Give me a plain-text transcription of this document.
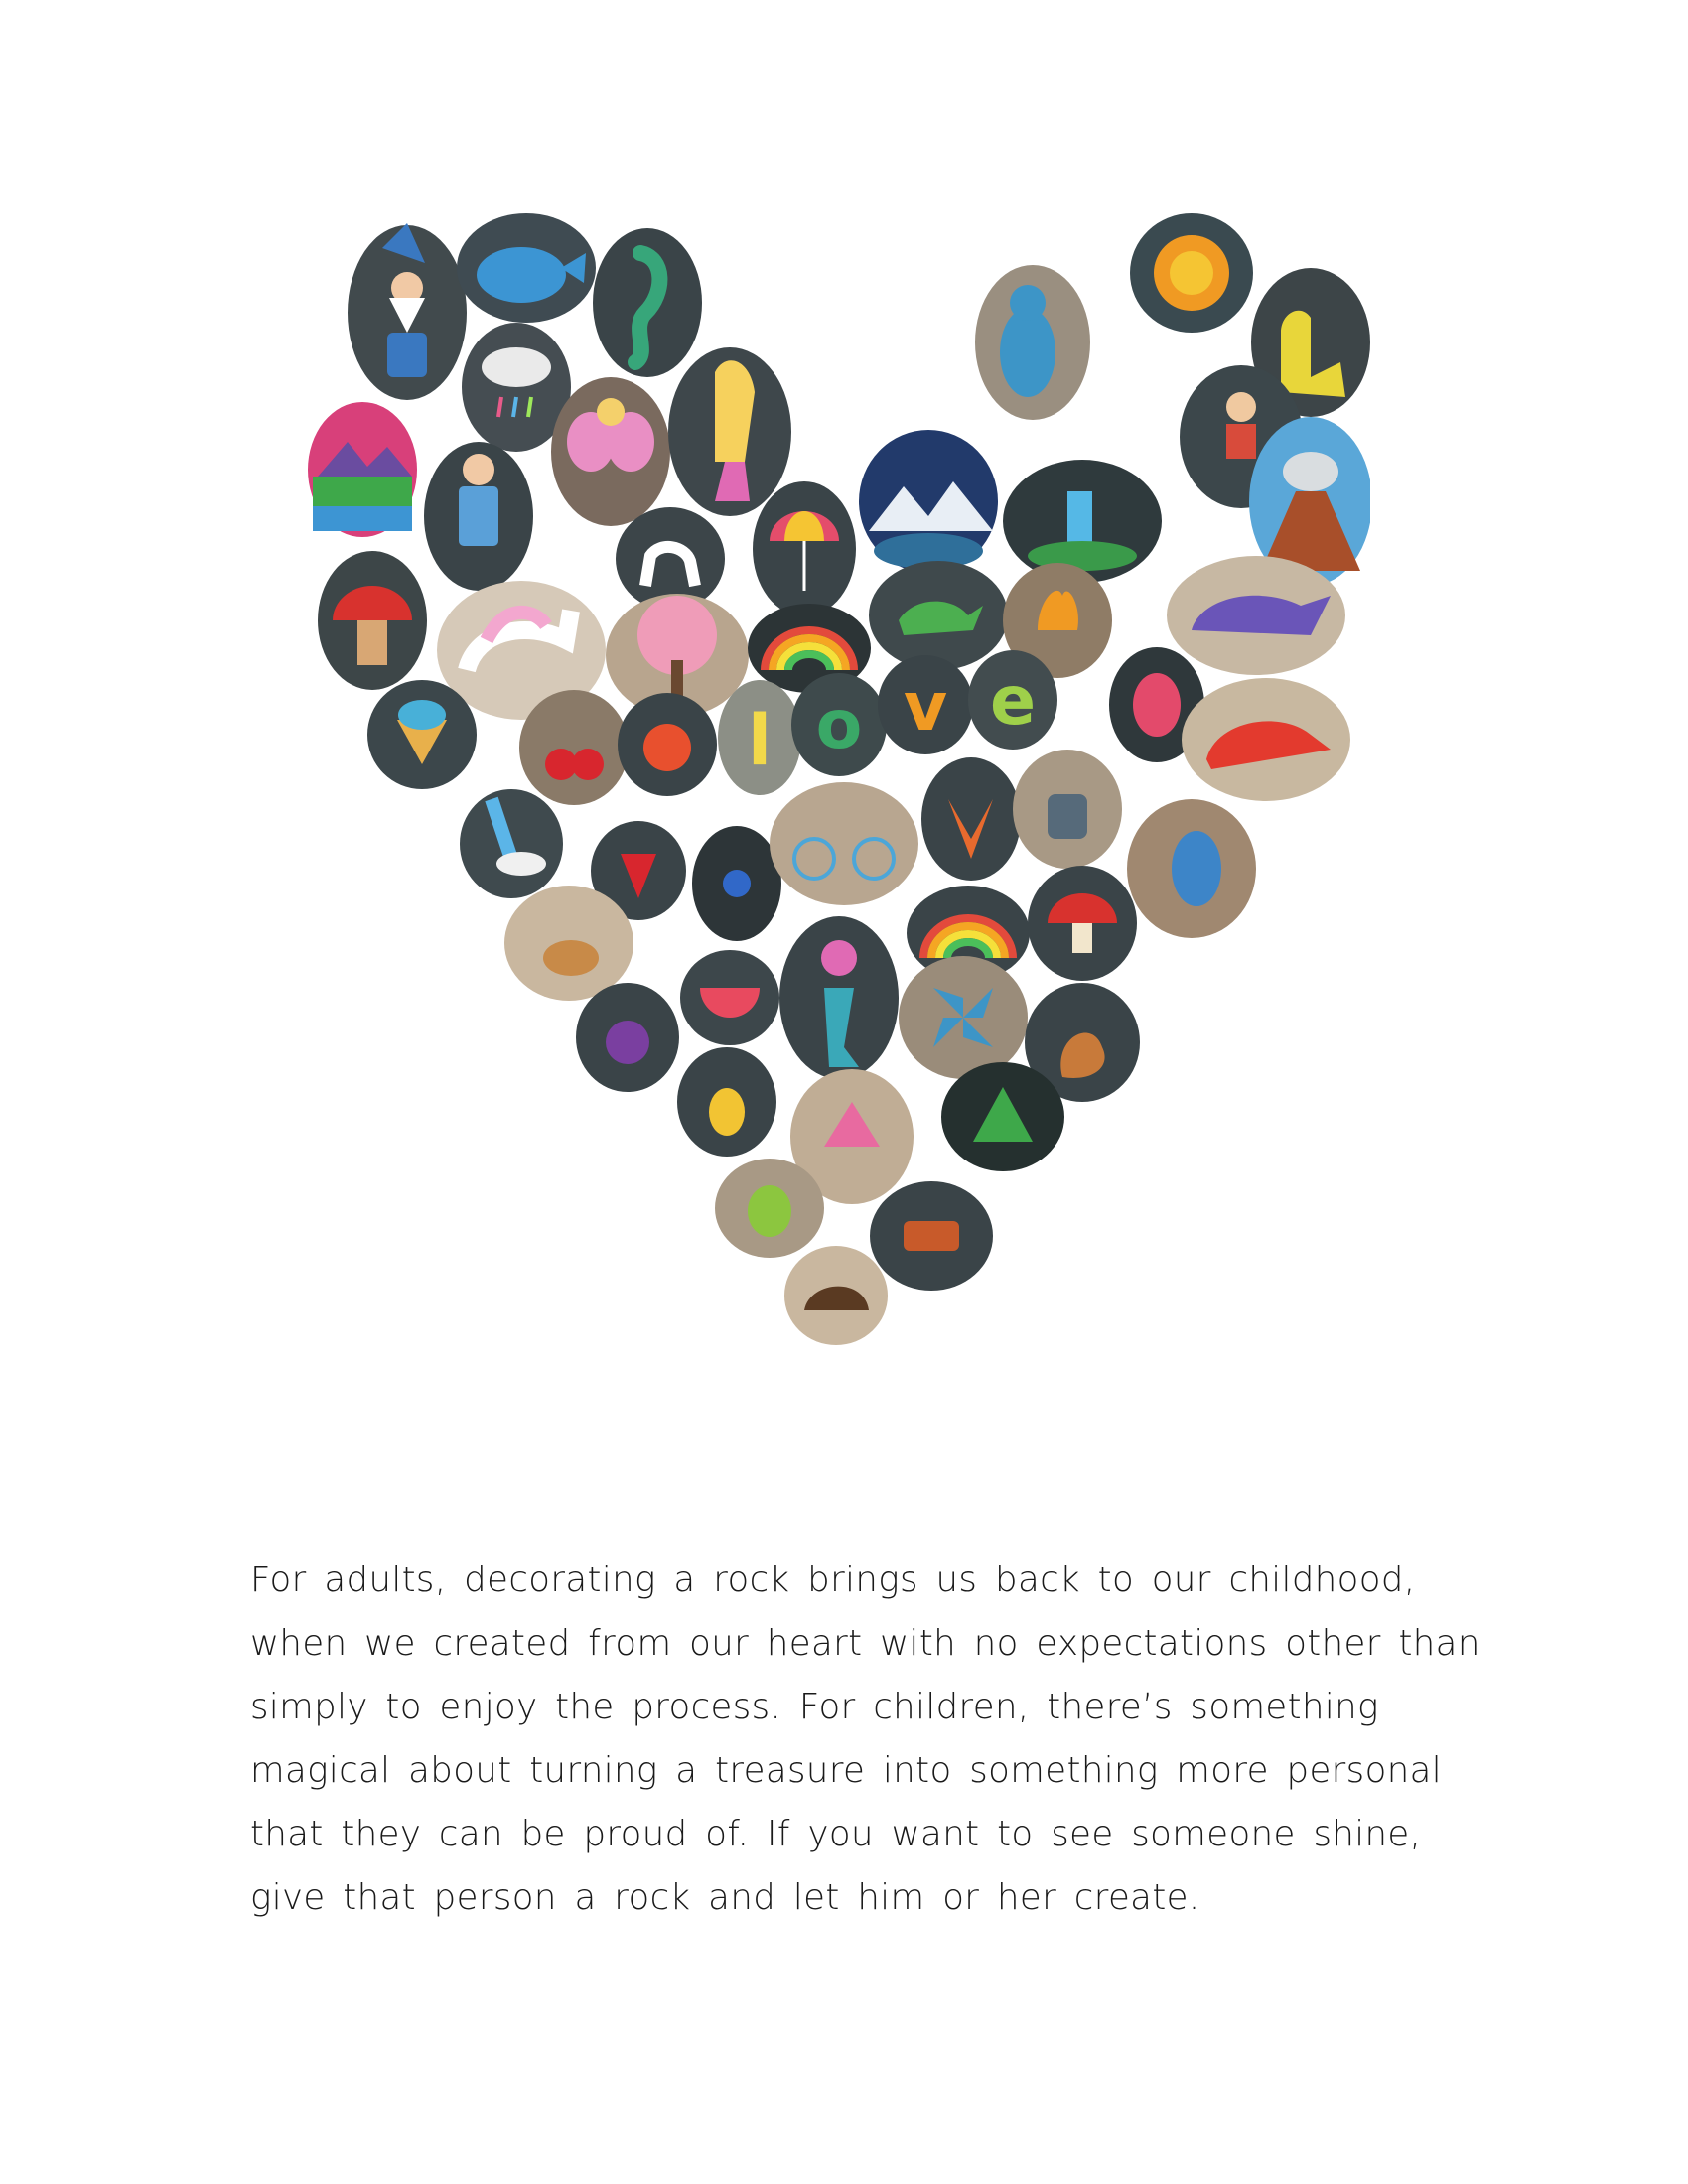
l o v e

For adults, decorating a rock brings us back to our childhood,
when we created from our heart with no expectations other than
simply to enjoy the process. For children, there’s something
magical about turning a treasure into something more personal
that they can be proud of. If you want to see someone shine,
give that person a rock and let him or her create.
